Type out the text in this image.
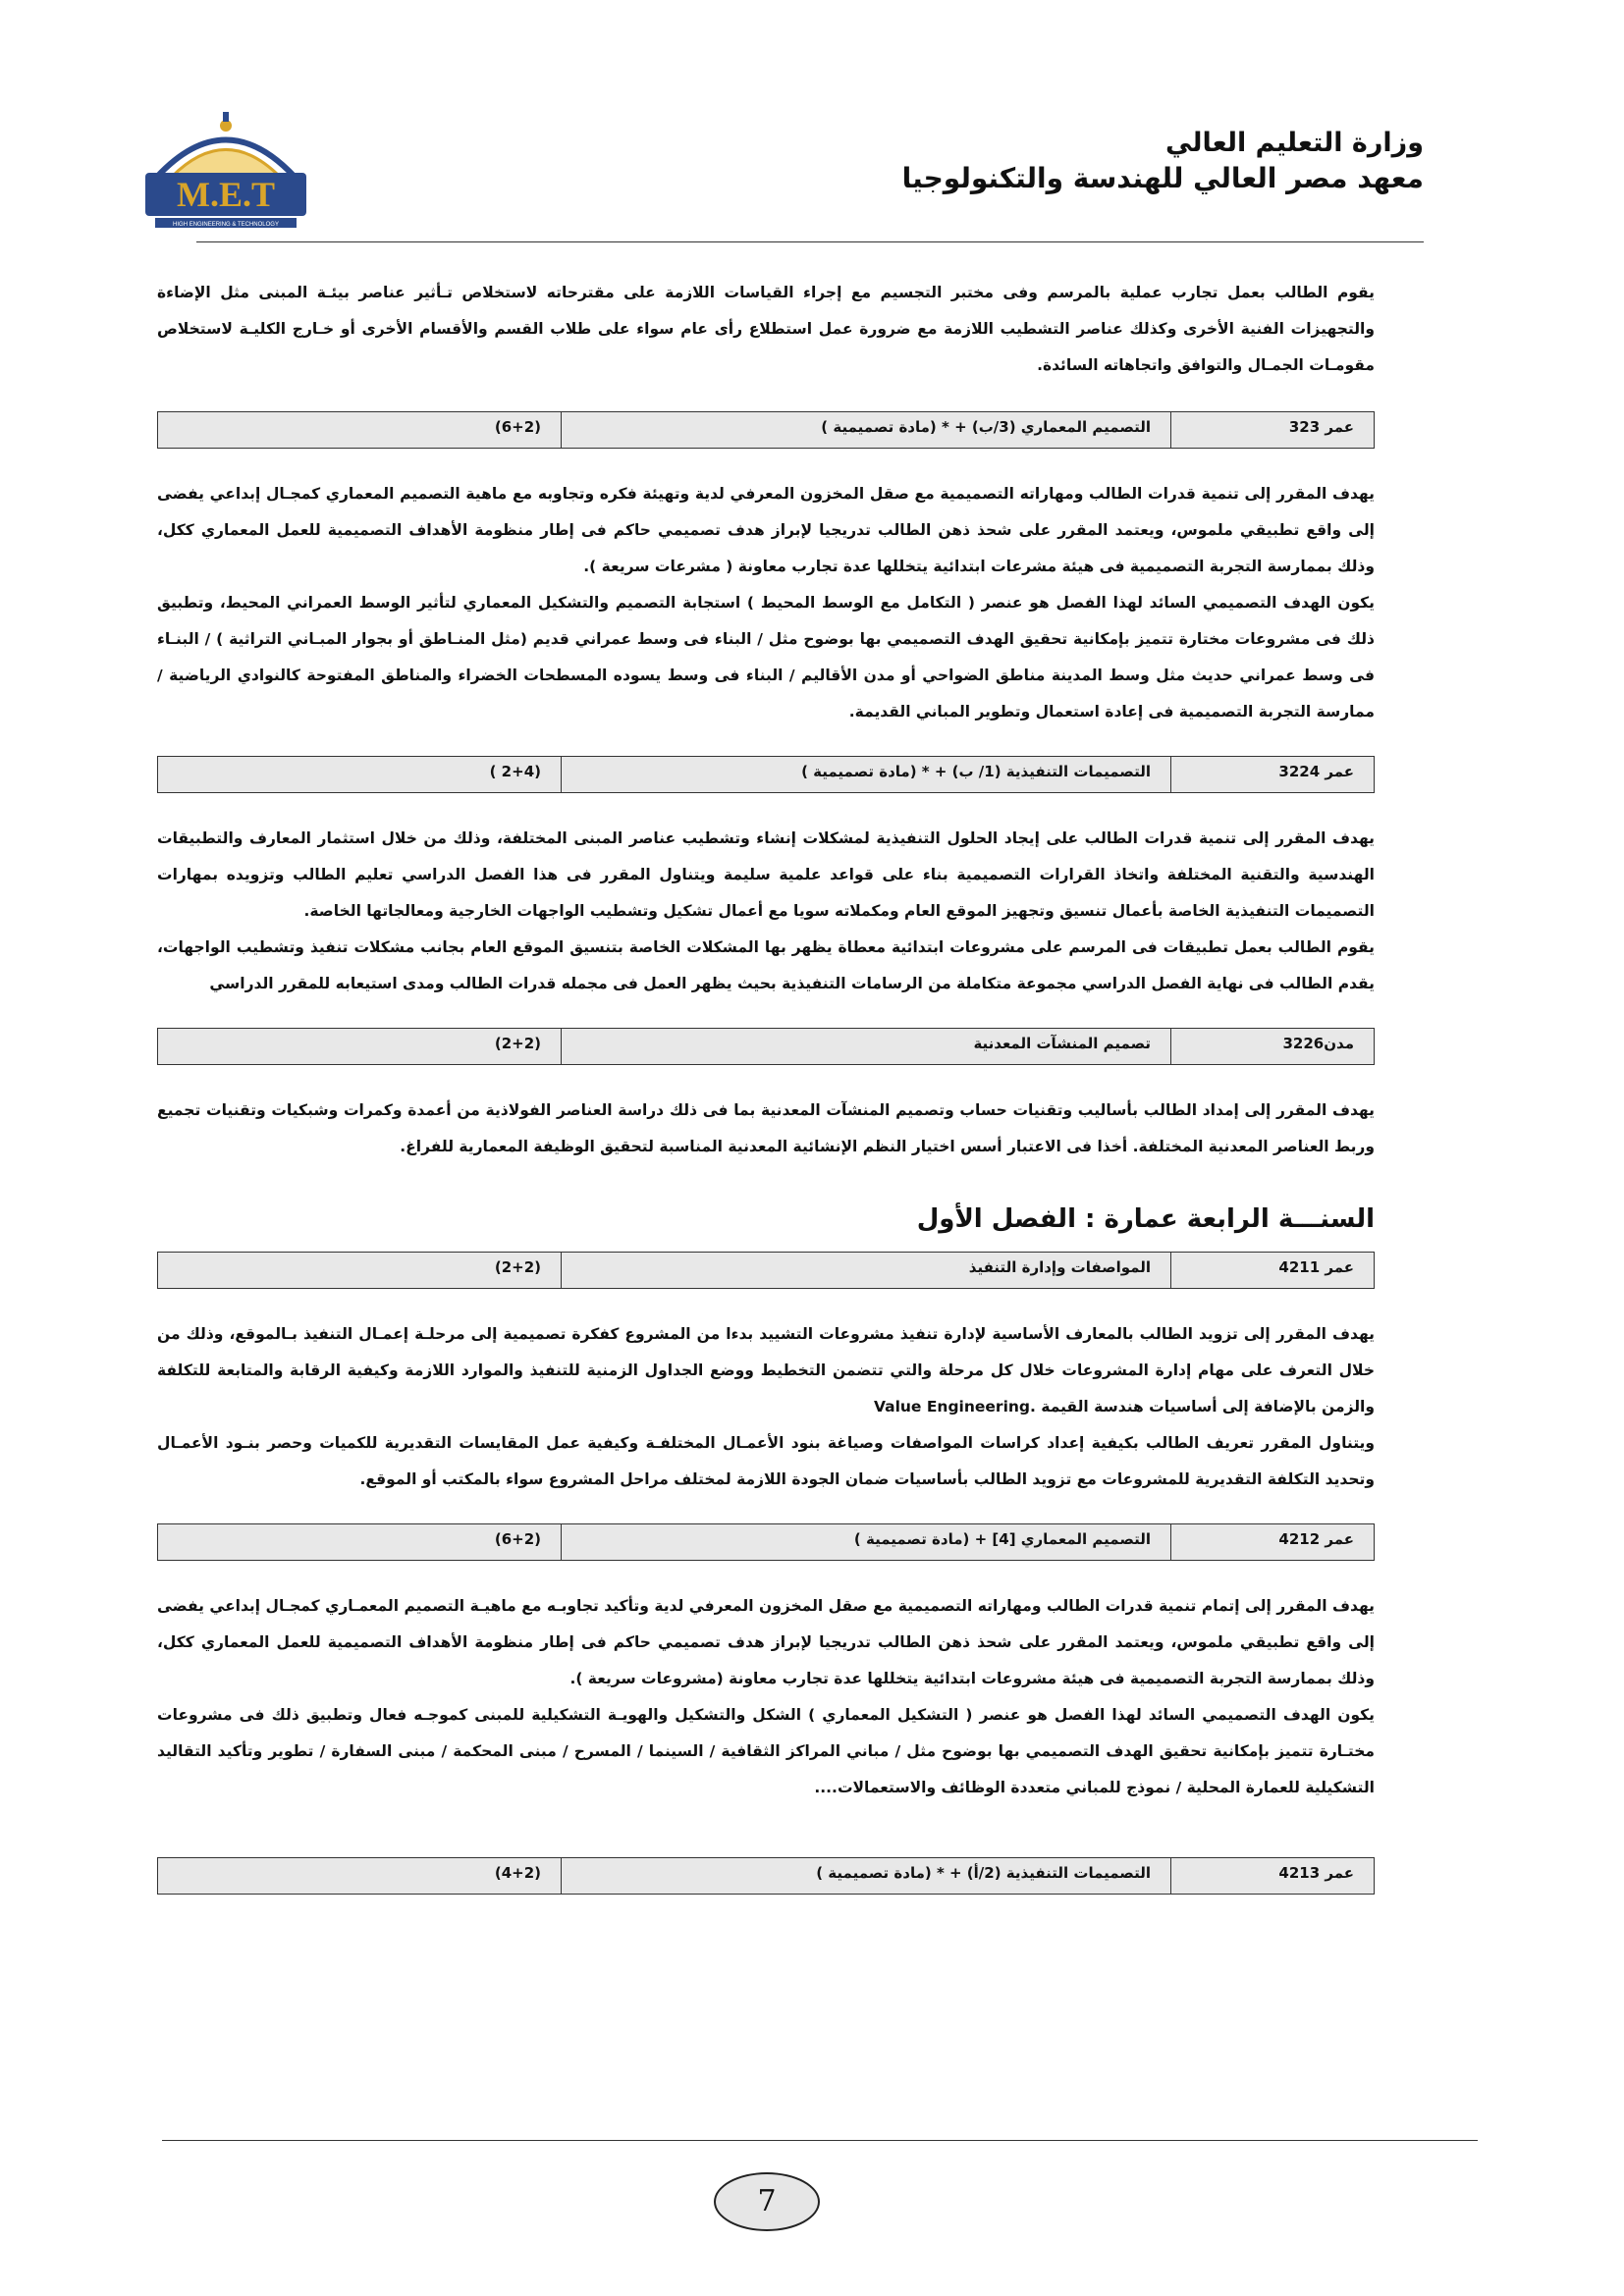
M.E.T
HIGH ENGINEERING & TECHNOLOGY
وزارة التعليم العالي
معهد مصر العالي للهندسة والتكنولوجيا

يقوم الطالب بعمل تجارب عملية بالمرسم وفى مختبر التجسيم مع إجراء القياسات اللازمة على مقترحاته لاستخلاص تـأثير عناصر بيئـة المبنى مثل الإضاءة والتجهيزات الفنية الأخرى وكذلك عناصر التشطيب اللازمة مع ضرورة عمل استطلاع رأى عام سواء على طلاب القسم والأقسام الأخرى أو خـارج الكليـة لاستخلاص مقومـات الجمـال والتوافق واتجاهاته السائدة.

(6+2)	التصميم المعماري (3/ب) + * (مادة تصميمية )	عمر 323

يهدف المقرر إلى تنمية قدرات الطالب ومهاراته التصميمية مع صقل المخزون المعرفي لدية وتهيئة فكره وتجاوبه مع ماهية التصميم المعماري كمجـال إبداعي يفضى إلى واقع تطبيقي ملموس، ويعتمد المقرر على شحذ ذهن الطالب تدريجيا لإبراز هدف تصميمي حاكم فى إطار منظومة الأهداف التصميمية للعمل المعماري ككل، وذلك بممارسة التجربة التصميمية فى هيئة مشرعات ابتدائية يتخللها عدة تجارب معاونة ( مشرعات سريعة ).

يكون الهدف التصميمي السائد لهذا الفصل هو عنصر ( التكامل مع الوسط المحيط ) استجابة التصميم والتشكيل المعماري لتأثير الوسط العمراني المحيط، وتطبيق ذلك فى مشروعات مختارة تتميز بإمكانية تحقيق الهدف التصميمي بها بوضوح مثل / البناء فى وسط عمراني قديم (مثل المنـاطق أو بجوار المبـاني التراثية ) / البنـاء فى وسط عمراني حديث مثل وسط المدينة مناطق الضواحي أو مدن الأقاليم / البناء فى وسط يسوده المسطحات الخضراء والمناطق المفتوحة كالنوادي الرياضية / ممارسة التجربة التصميمية فى إعادة استعمال وتطوير المباني القديمة.

( 2+4)	التصميمات التنفيذية (1/ ب) + * (مادة تصميمية )	عمر 3224

يهدف المقرر إلى تنمية قدرات الطالب على إيجاد الحلول التنفيذية لمشكلات إنشاء وتشطيب عناصر المبنى المختلفة، وذلك من خلال استثمار المعارف والتطبيقات الهندسية والتقنية المختلفة واتخاذ القرارات التصميمية بناء على قواعد علمية سليمة ويتناول المقرر فى هذا الفصل الدراسي تعليم الطالب وتزويده بمهارات التصميمات التنفيذية الخاصة بأعمال تنسيق وتجهيز الموقع العام ومكملاته سويا مع أعمال تشكيل وتشطيب الواجهات الخارجية ومعالجاتها الخاصة.

يقوم الطالب بعمل تطبيقات فى المرسم على مشروعات ابتدائية معطاة يظهر بها المشكلات الخاصة بتنسيق الموقع العام بجانب مشكلات تنفيذ وتشطيب الواجهات، يقدم الطالب فى نهاية الفصل الدراسي مجموعة متكاملة من الرسامات التنفيذية بحيث يظهر العمل فى مجمله قدرات الطالب ومدى استيعابه للمقرر الدراسي

(2+2)	تصميم المنشآت المعدنية	مدن3226

يهدف المقرر إلى إمداد الطالب بأساليب وتقنيات حساب وتصميم المنشآت المعدنية بما فى ذلك دراسة العناصر الفولاذية من أعمدة وكمرات وشبكيات وتقنيات تجميع وربط العناصر المعدنية المختلفة. أخذا فى الاعتبار أسس اختيار النظم الإنشائية المعدنية المناسبة لتحقيق الوظيفة المعمارية للفراغ.

السنـــة الرابعة عمارة : الفصل الأول
(2+2)	المواصفات وإدارة التنفيذ	عمر 4211

يهدف المقرر إلى تزويد الطالب بالمعارف الأساسية لإدارة تنفيذ مشروعات التشييد بدءا من المشروع كفكرة تصميمية إلى مرحلـة إعمـال التنفيذ بـالموقع، وذلك من خلال التعرف على مهام إدارة المشروعات خلال كل مرحلة والتي تتضمن التخطيط ووضع الجداول الزمنية للتنفيذ والموارد اللازمة وكيفية الرقابة والمتابعة للتكلفة والزمن بالإضافة إلى أساسيات هندسة القيمة .Value Engineering

ويتناول المقرر تعريف الطالب بكيفية إعداد كراسات المواصفات وصياغة بنود الأعمـال المختلفـة وكيفية عمل المقايسات التقديرية للكميات وحصر بنـود الأعمـال وتحديد التكلفة التقديرية للمشروعات مع تزويد الطالب بأساسيات ضمان الجودة اللازمة لمختلف مراحل المشروع سواء بالمكتب أو الموقع.

(6+2)	التصميم المعماري [4] + (مادة تصميمية )	عمر 4212

يهدف المقرر إلى إتمام تنمية قدرات الطالب ومهاراته التصميمية مع صقل المخزون المعرفي لدية وتأكيد تجاوبـه مع ماهيـة التصميم المعمـاري كمجـال إبداعي يفضى إلى واقع تطبيقي ملموس، ويعتمد المقرر على شحذ ذهن الطالب تدريجيا لإبراز هدف تصميمي حاكم فى إطار منظومة الأهداف التصميمية للعمل المعماري ككل، وذلك بممارسة التجربة التصميمية فى هيئة مشروعات ابتدائية يتخللها عدة تجارب معاونة (مشروعات سريعة ).

يكون الهدف التصميمي السائد لهذا الفصل هو عنصر ( التشكيل المعماري ) الشكل والتشكيل والهويـة التشكيلية للمبنى كموجـه فعال وتطبيق ذلك فى مشروعات مختـارة تتميز بإمكانية تحقيق الهدف التصميمي بها بوضوح مثل / مباني المراكز الثقافية / السينما / المسرح / مبنى المحكمة / مبنى السفارة / تطوير وتأكيد التقاليد التشكيلية للعمارة المحلية / نموذج للمباني متعددة الوظائف والاستعمالات....

(4+2)	التصميمات التنفيذية (2/أ) + * (مادة تصميمية )	عمر 4213
7
